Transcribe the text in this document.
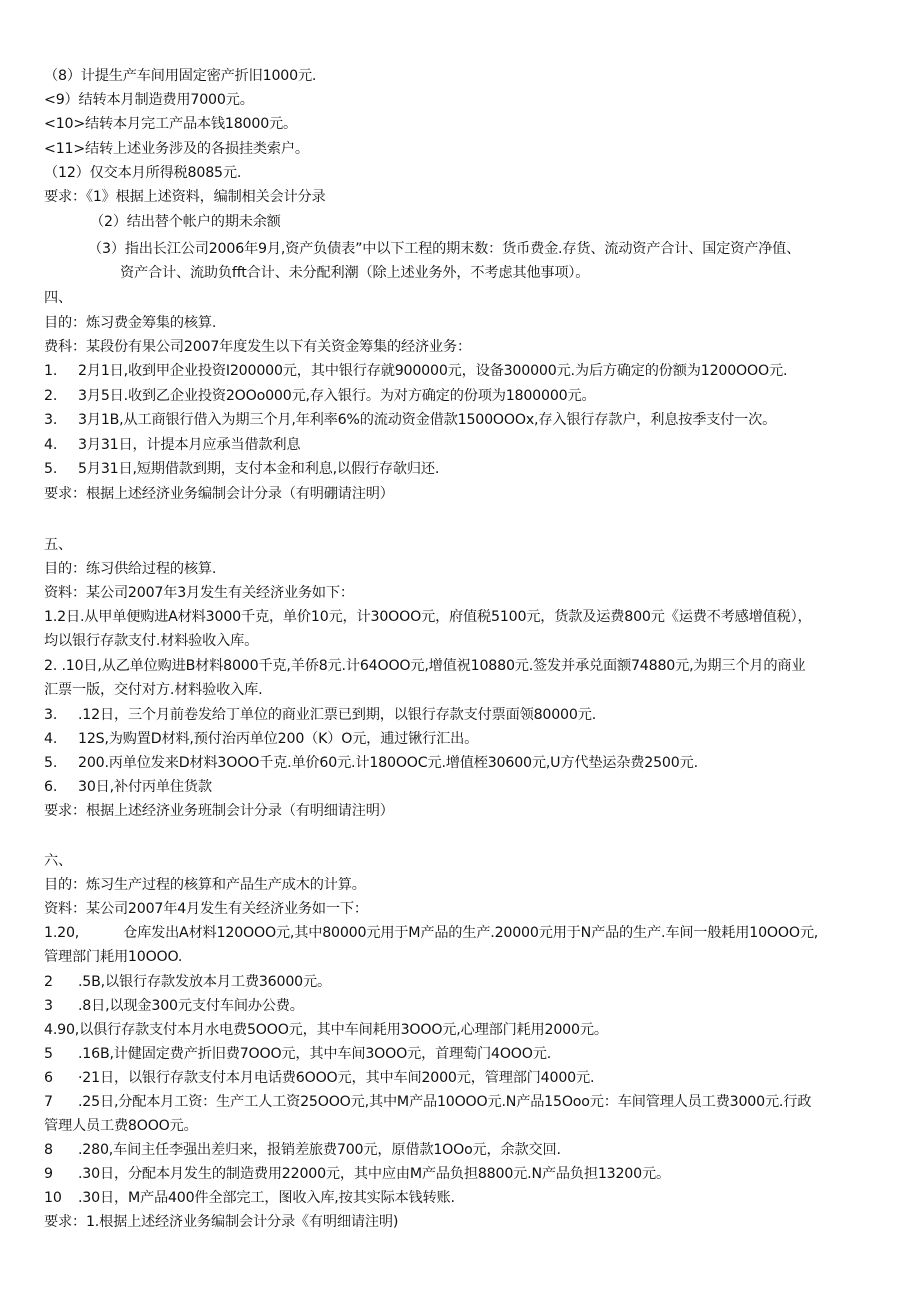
（8）计提生产车间用固定密产折旧1000元.
<9）结转本月制造费用7000元。
<10>结转本月完工产品本钱18000元。
<11>结转上述业务涉及的各损挂类索户。
（12）仅交本月所得税8085元.
要求：《1》根据上述资料，编制相关会计分录
（2）结出替个帐户的期未余额
（3）指出长江公司2006年9月,资产负债表”中以下工程的期末数：货币费金.存货、流动资产合计、国定资产净值、
资产合计、流助负fft合计、未分配利潮（除上述业务外，不考虑其他事项）。
四、
目的：炼习费金筹集的核算.
费科：某段份有果公司2007年度发生以下有关资金筹集的经济业务：
1. 2月1日,收到甲企业投资I200000元，其中银行存就900000元，设备300000元.为后方确定的份额为1200OOO元.
2. 3月5日.收到乙企业投资2OOo000元,存入银行。为对方确定的份项为1800000元。
3. 3月1B,从工商银行借入为期三个月,年利率6%的流动资金借款1500OOOx,存入银行存款户，利息按季支付一次。
4. 3月31日，计提本月应承当借款利息
5. 5月31日,短期借款到期，支付本金和利息,以假行存欹归还.
要求：根据上述经济业务编制会计分录（有明硼请注明）
五、
目的：练习供给过程的核算.
资料：某公司2007年3月发生有关经济业务如下：
1.2日.从甲单便购进A材料3000千克，单价10元，计30OOO元，府值税5100元，货款及运费800元《运费不考感增值税），
均以银行存款支付.材料验收入库。
2. .10日,从乙单位购进B材料8000千克,羊侨8元.计64OOO元,增值祝10880元.签发并承兑面额74880元,为期三个月的商业
汇票一版，交付对方.材料验收入库.
3. .12日，三个月前卷发给丁单位的商业汇票已到期，以银行存款支付票面领80000元.
4. 12S,为购置D材料,预付治丙单位200（K）O元，逋过锹行汇出。
5. 200.丙单位发来D材料3OOO千克.单价60元.计180OOC元.增值桎30600元,U方代垫运杂费2500元.
6. 30日,补付丙单住货款
要求：根据上述经济业务班制会计分录（有明细请注明）
六、
目的：炼习生产过程的核算和产品生产成木的计算。
资料：某公司2007年4月发生有关经济业务如一下：
1.20,	仓库发出A材料120OOO元,其中80000元用于M产品的生产.20000元用于N产品的生产.车间一般耗用10OOO元,
管理部门耗用10OOO.
2 .5B,以银行存款发放本月工费36000元。
3 .8日,以现金300元支付车间办公费。
4.90,以俱行存款支付本月水电费5OOO元，其中车间耗用3OOO元,心理部门耗用2000元。
5 .16B,计健固定费产折旧费7OOO元，其中车间3OOO元，首理萄门4OOO元.
6 ·21日，以银行存款支付本月电话费6OOO元，其中车间2000元，管理部门4000元.
7 .25日,分配本月工资：生产工人工资25OOO元,其中M产品10OOO元.N产品15Ooo元：车间管理人员工费3000元.行政
管理人员工费8OOO元。
8 .280,车间主任李强出差归来，报销差旅费700元，原借款1OOo元，余款交回.
9 .30日，分配本月发生的制造费用22000元，其中应由M产品负担8800元.N产品负担13200元。
10 .30日，M产品400件全部完工，图收入库,按其实际本钱转账.
要求：1.根据上述经济业务编制会计分录《有明细请注明)
